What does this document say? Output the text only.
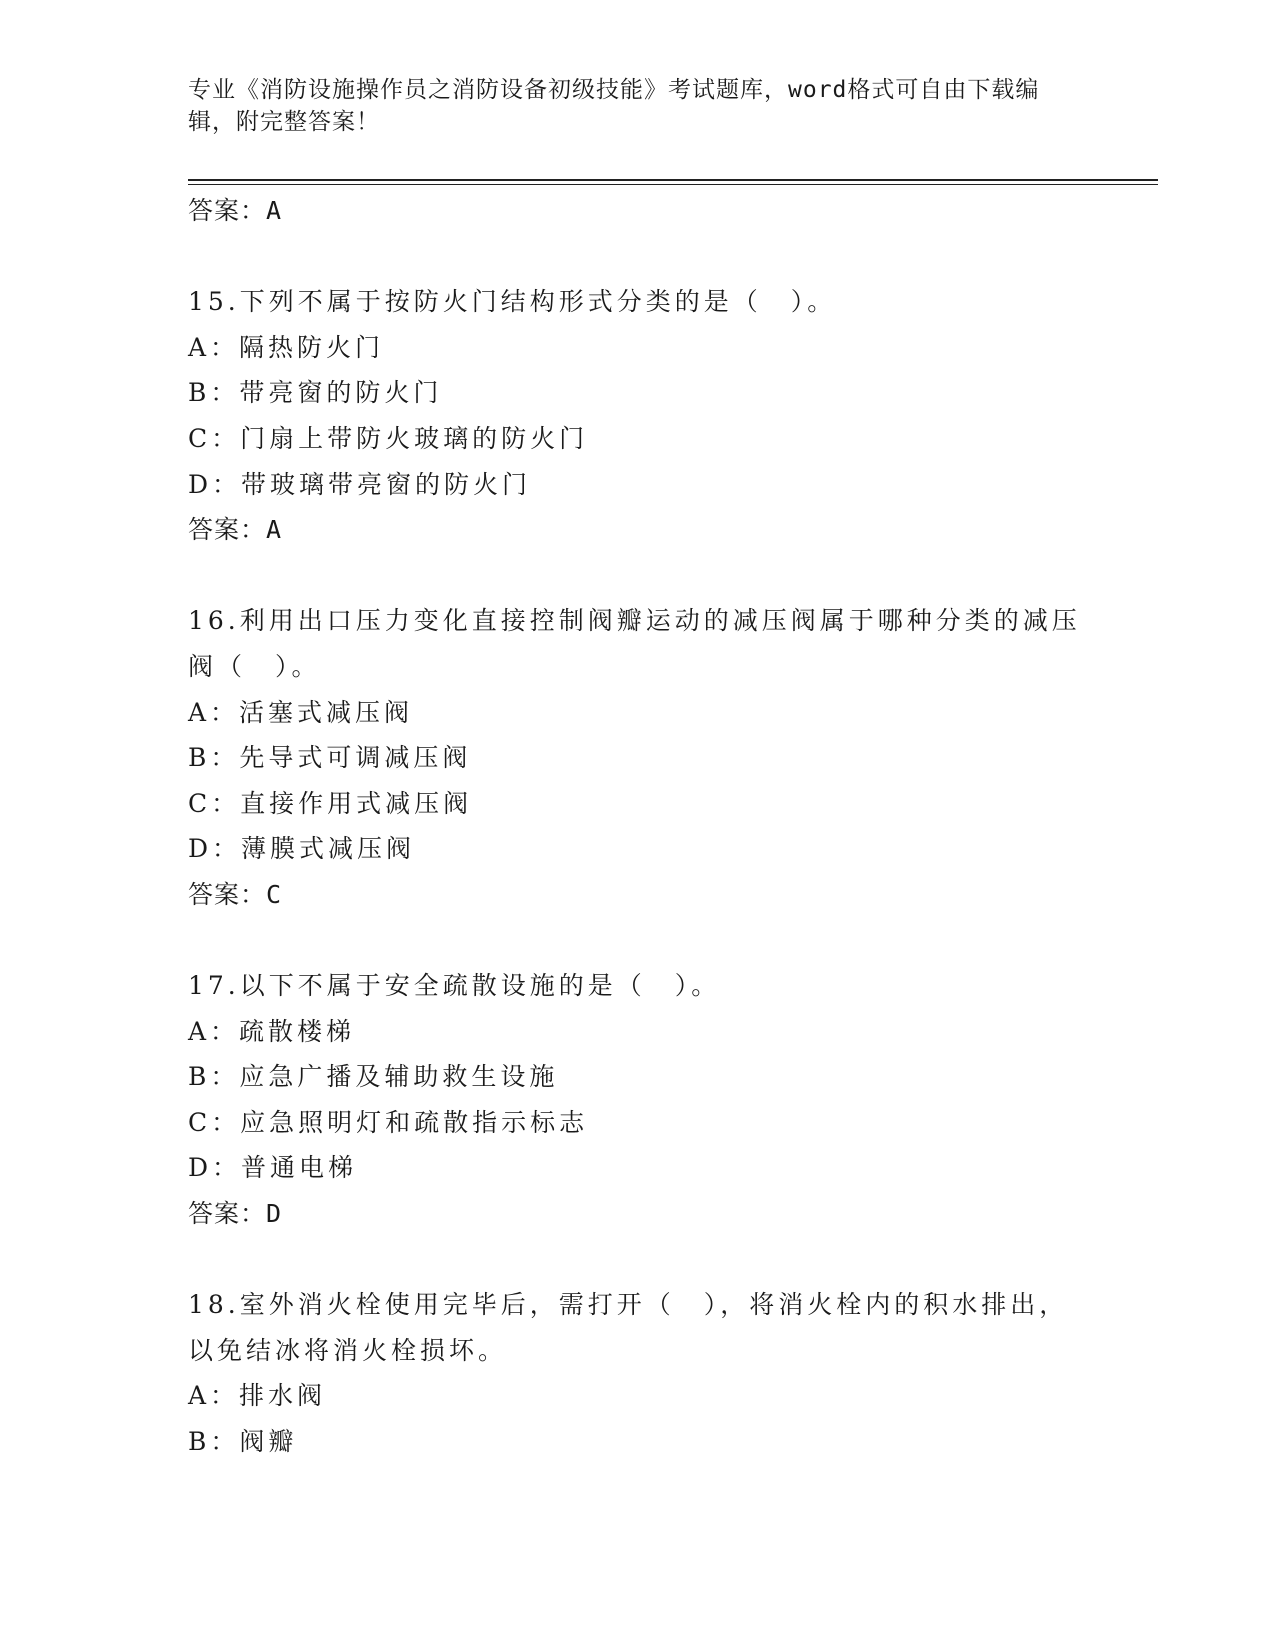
专业《消防设施操作员之消防设备初级技能》考试题库，word格式可自由下载编
辑，附完整答案！
答案：A
15.下列不属于按防火门结构形式分类的是（　）。
A：隔热防火门
B：带亮窗的防火门
C：门扇上带防火玻璃的防火门
D：带玻璃带亮窗的防火门
答案：A
16.利用出口压力变化直接控制阀瓣运动的减压阀属于哪种分类的减压
阀（　）。
A：活塞式减压阀
B：先导式可调减压阀
C：直接作用式减压阀
D：薄膜式减压阀
答案：C
17.以下不属于安全疏散设施的是（　）。
A：疏散楼梯
B：应急广播及辅助救生设施
C：应急照明灯和疏散指示标志
D：普通电梯
答案：D
18.室外消火栓使用完毕后，需打开（　），将消火栓内的积水排出，
以免结冰将消火栓损坏。
A：排水阀
B：阀瓣
